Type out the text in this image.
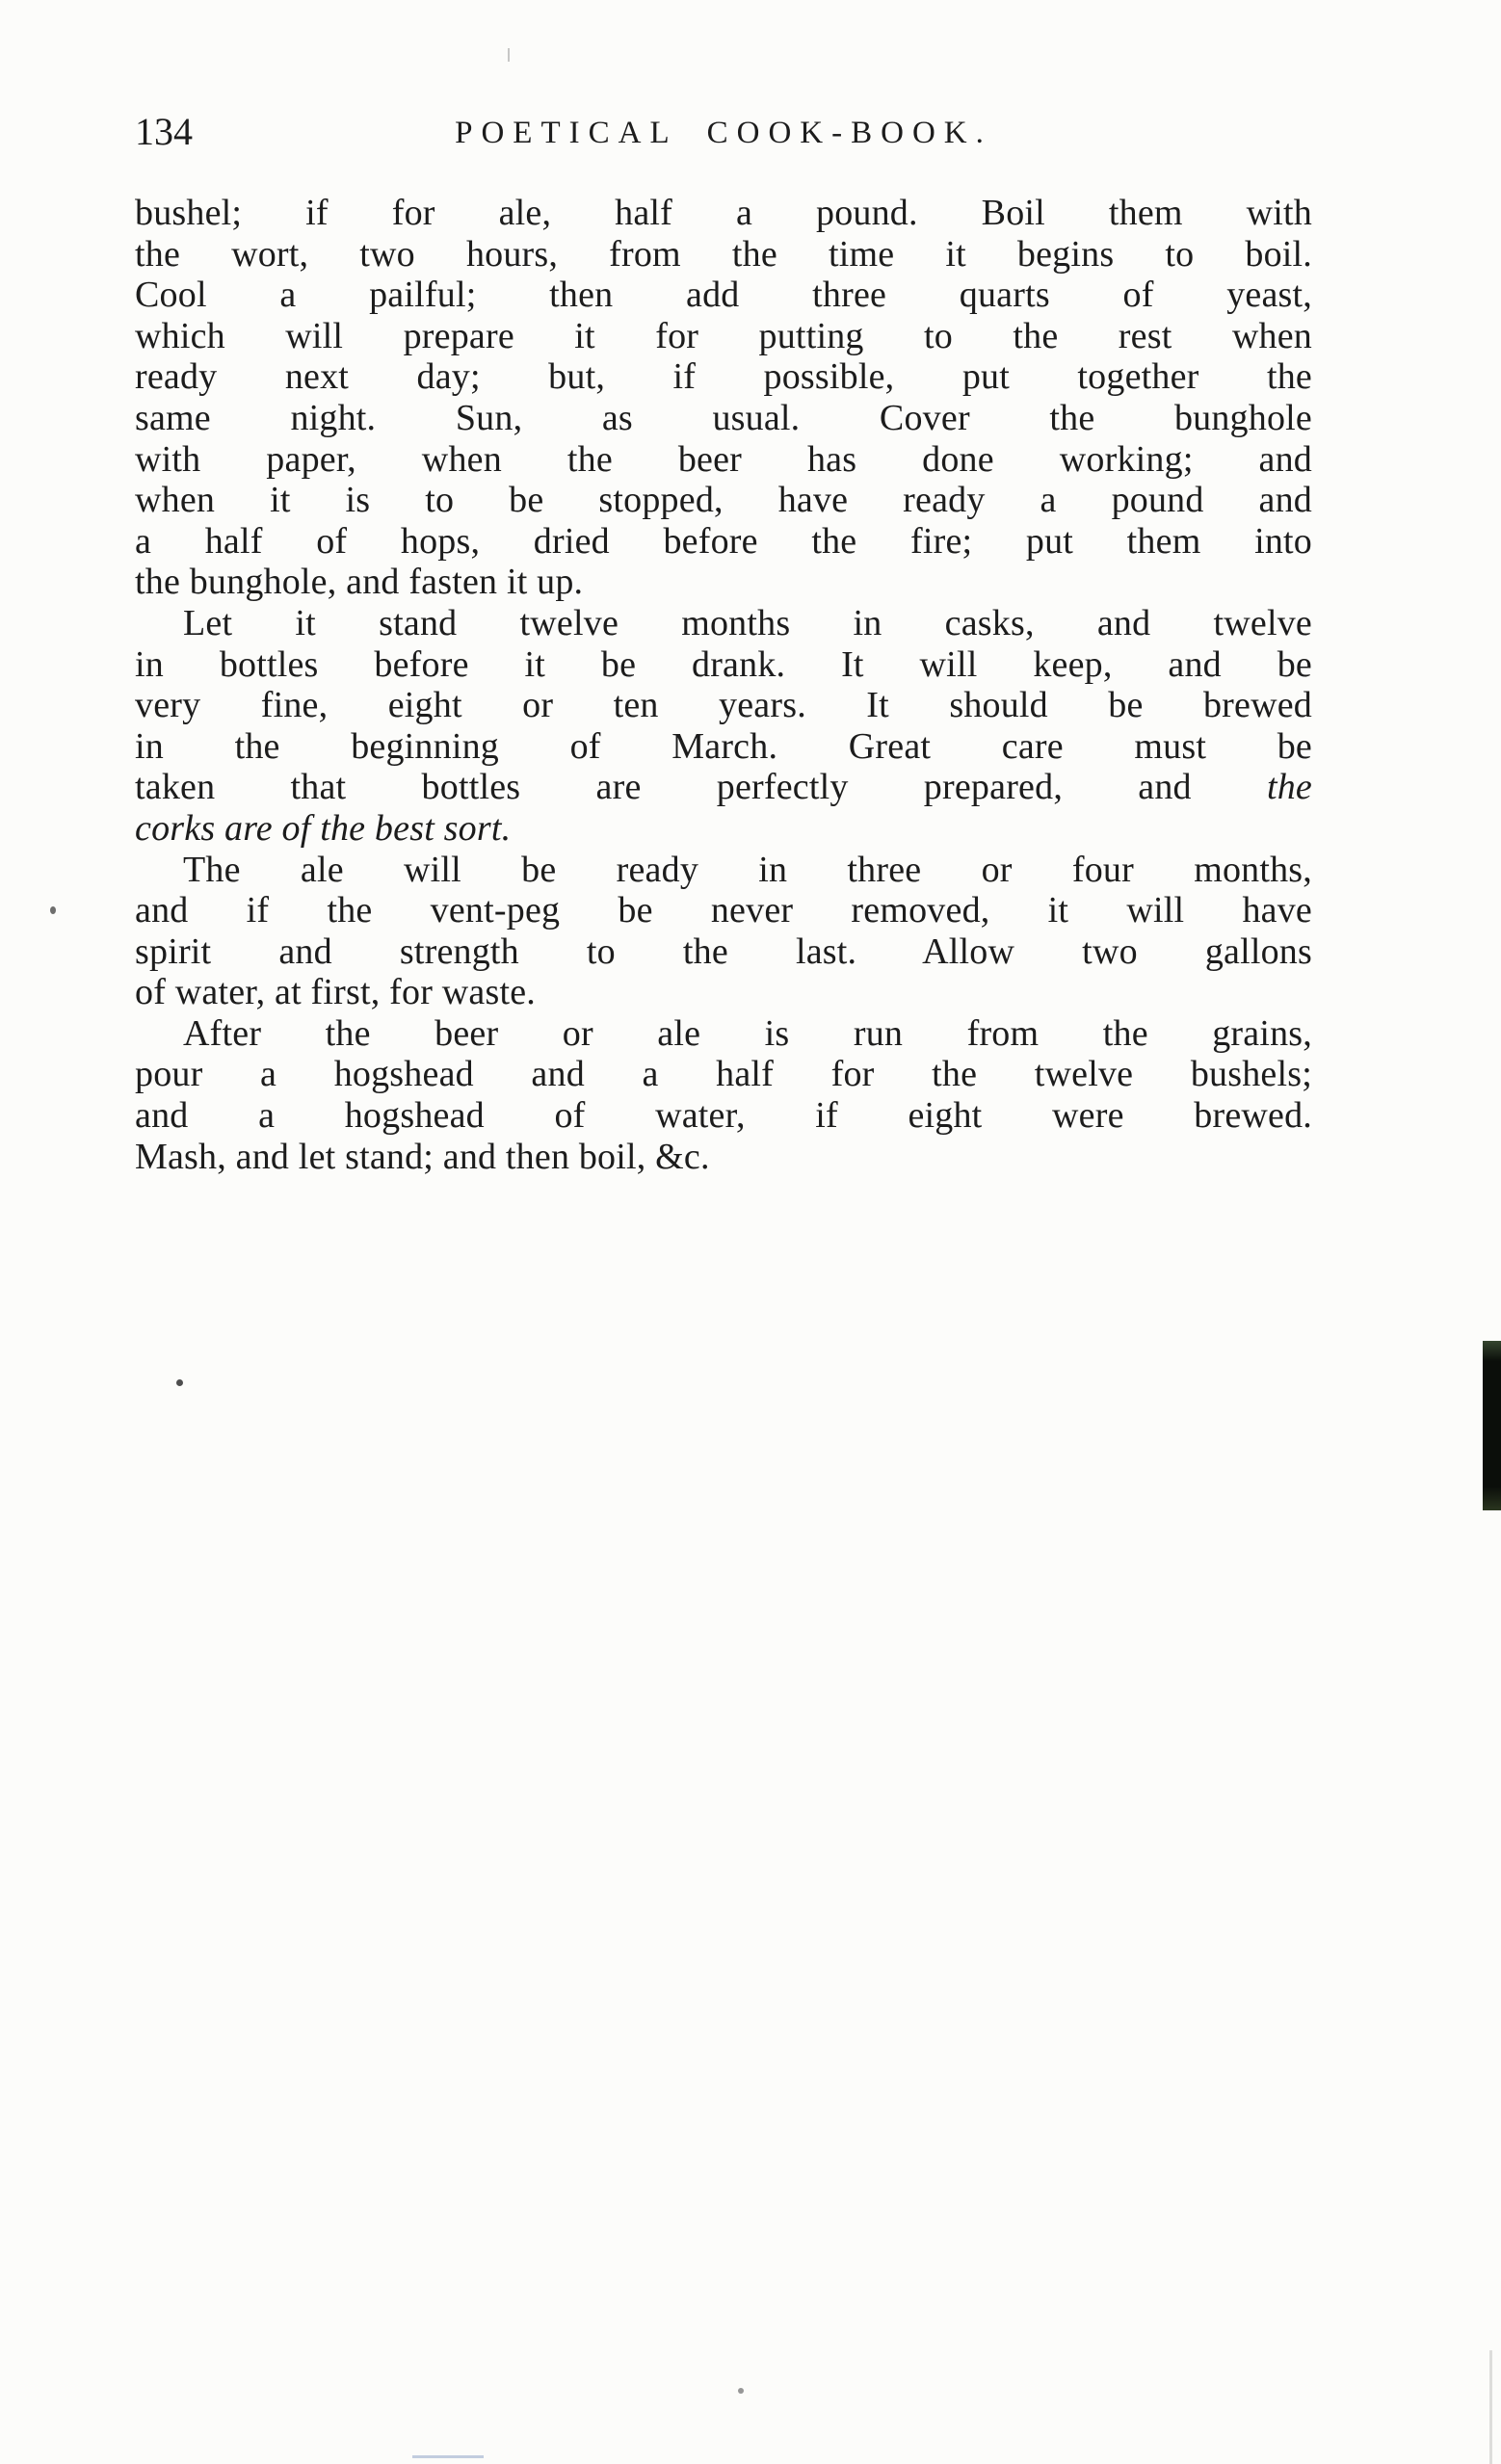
134	POETICAL COOK-BOOK.
bushel; if for ale, half a pound. Boil them with
the wort, two hours, from the time it begins to boil.
Cool a pailful; then add three quarts of yeast,
which will prepare it for putting to the rest when
ready next day; but, if possible, put together the
same night. Sun, as usual. Cover the bunghole
with paper, when the beer has done working; and
when it is to be stopped, have ready a pound and
a half of hops, dried before the fire; put them into
the bunghole, and fasten it up.
Let it stand twelve months in casks, and twelve
in bottles before it be drank. It will keep, and be
very fine, eight or ten years. It should be brewed
in the beginning of March. Great care must be
taken that bottles are perfectly prepared, and the
corks are of the best sort.
The ale will be ready in three or four months,
and if the vent-peg be never removed, it will have
spirit and strength to the last. Allow two gallons
of water, at first, for waste.
After the beer or ale is run from the grains,
pour a hogshead and a half for the twelve bushels;
and a hogshead of water, if eight were brewed.
Mash, and let stand; and then boil, &c.
